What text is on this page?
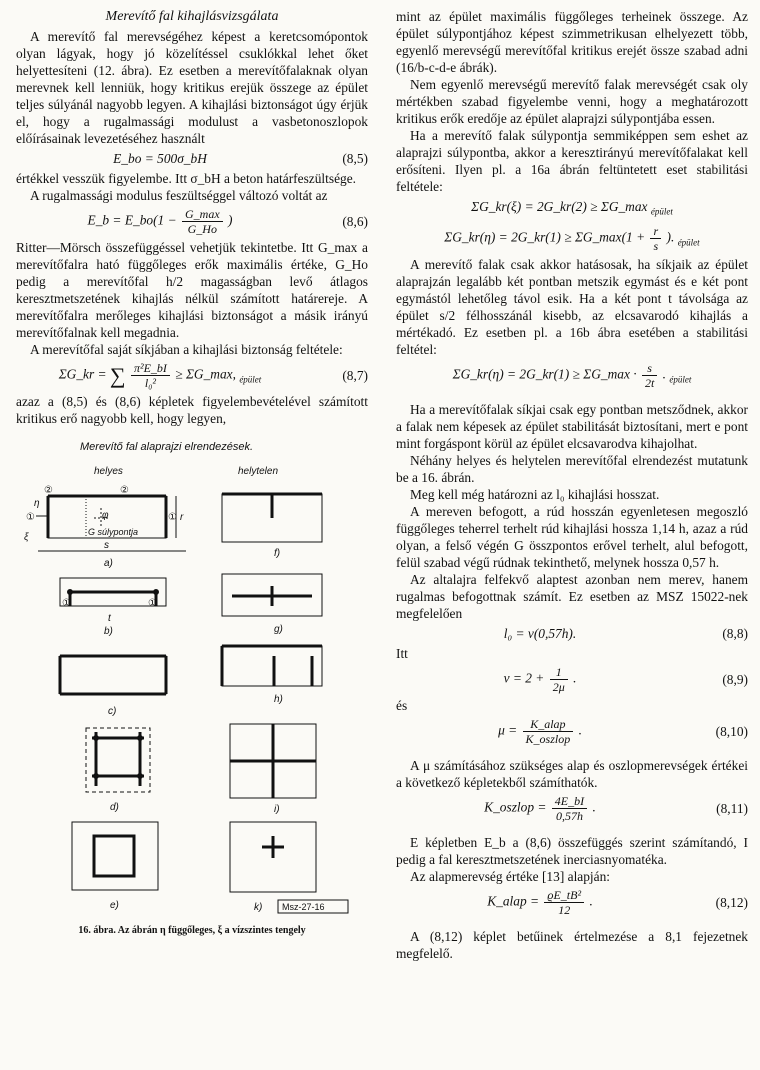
Merevítő fal kihajlásvizsgálata

A merevítő fal merevségéhez képest a keretcsomópontok olyan lágyak, hogy jó közelítéssel csuklókkal lehet őket helyettesíteni (12. ábra). Ez esetben a merevítőfalaknak olyan merevnek kell lenniük, hogy kritikus erejük összege az épület teljes súlyánál nagyobb legyen. A kihajlási biztonságot úgy érjük el, hogy a rugalmassági modulust a vasbetonoszlopok előírásainak levezetéséhez használt

E_bo = 500σ_bH	(8,5)

értékkel vesszük figyelembe. Itt σ_bH a beton határfeszültsége.

A rugalmassági modulus feszültséggel változó voltát az

E_b = E_bo(1 − $\frac{G\_\max}{G\_Ho}$ )	(8,6)

Ritter—Mörsch összefüggéssel vehetjük tekintetbe. Itt G_max a merevítőfalra ható függőleges erők maximális értéke, G_Ho pedig a merevítőfal h/2 magasságban levő átlagos keresztmetszetének kihajlás nélkül számított határereje. A merevítőfalra merőleges kihajlási biztonságot a másik irányú merevítőfalnak kell megadnia.

A merevítőfal saját síkjában a kihajlási biztonság feltétele:

ΣG_kr = ∑ $\frac{\text{π²E\_bI}}{\text{l₀²}}$ ≥ ΣG_max, $_{épület}$	(8,7)

azaz a (8,5) és (8,6) képletek figyelembevételével számított kritikus erő nagyobb kell, hogy legyen,

Merevítő fal alaprajzi elrendezések.
helyes	helytelen
①	①
②	②
φ
G súlypontja
r
s
ξ
η
a)
①	①
t
b)
c)
d)
e)
f)
g)
h)
i)
k) Msz-27-16
16. ábra. Az ábrán η függőleges, ξ a vízszintes tengely

mint az épület maximális függőleges terheinek összege. Az épület súlypontjához képest szimmetrikusan elhelyezett több, egyenlő merevségű merevítőfal kritikus erejét össze szabad adni (16/b-c-d-e ábrák).

Nem egyenlő merevségű merevítő falak merevségét csak oly mértékben szabad figyelembe venni, hogy a meghatározott kritikus erők eredője az épület alaprajzi súlypontjába essen.

Ha a merevítő falak súlypontja semmiképpen sem eshet az alaprajzi súlypontba, akkor a keresztirányú merevítőfalakat kell erősíteni. Ilyen pl. a 16a ábrán feltüntetett eset stabilitási feltétele:

ΣG_kr(ξ) = 2G_kr(2) ≥ ΣG_max $_{épület}$
ΣG_kr(η) = 2G_kr(1) ≥ ΣG_max(1 + $\frac{r}{s}$ ). $_{épület}$

A merevítő falak csak akkor hatásosak, ha síkjaik az épület alaprajzán legalább két pontban metszik egymást és e két pont egymástól lehetőleg távol esik. Ha a két pont t távolsága az épület s/2 félhosszánál kisebb, az elcsavarodó kihajlás a mértékadó. Ez esetben pl. a 16b ábra esetében a stabilitási feltétel:

ΣG_kr(η) = 2G_kr(1) ≥ ΣG_max · $\frac{s}{2t}$ . $_{épület}$

Ha a merevítőfalak síkjai csak egy pontban metsződnek, akkor a falak nem képesek az épület stabilitását biztosítani, mert e pont mint forgáspont körül az épület elcsavarodva kihajolhat.

Néhány helyes és helytelen merevítőfal elrendezést mutatunk be a 16. ábrán.

Meg kell még határozni az l₀ kihajlási hosszat.

A mereven befogott, a rúd hosszán egyenletesen megoszló függőleges teherrel terhelt rúd kihajlási hossza 1,14 h, azaz a rúd olyan, a felső végén G összpontos erővel terhelt, alul befogott, felül szabad végű rúdnak tekinthető, melynek hossza 0,57 h.

Az altalajra felfekvő alaptest azonban nem merev, hanem rugalmas befogottnak számít. Ez esetben az MSZ 15022-nek megfelelően

l₀ = ν(0,57h).	(8,8)

Itt

$\nu = 2 + \frac{1}{2\mu}$ .	(8,9)

és

$\mu = \frac{\text{K\_alap}}{\text{K\_oszlop}}$ .	(8,10)

A μ számításához szükséges alap és oszlopmerevségek értékei a következő képletekből számíthatók.

K_oszlop = $\frac{4E\_bI}{0,57h}$ .	(8,11)

E képletben E_b a (8,6) összefüggés szerint számítandó, I pedig a fal keresztmetszetének inerciasnyomatéka.

Az alapmerevség értéke [13] alapján:

K_alap = $\frac{\text{ϱE\_tB²}}{12}$ .	(8,12)

A (8,12) képlet betűinek értelmezése a 8,1 fejezetnek megfelelő.
